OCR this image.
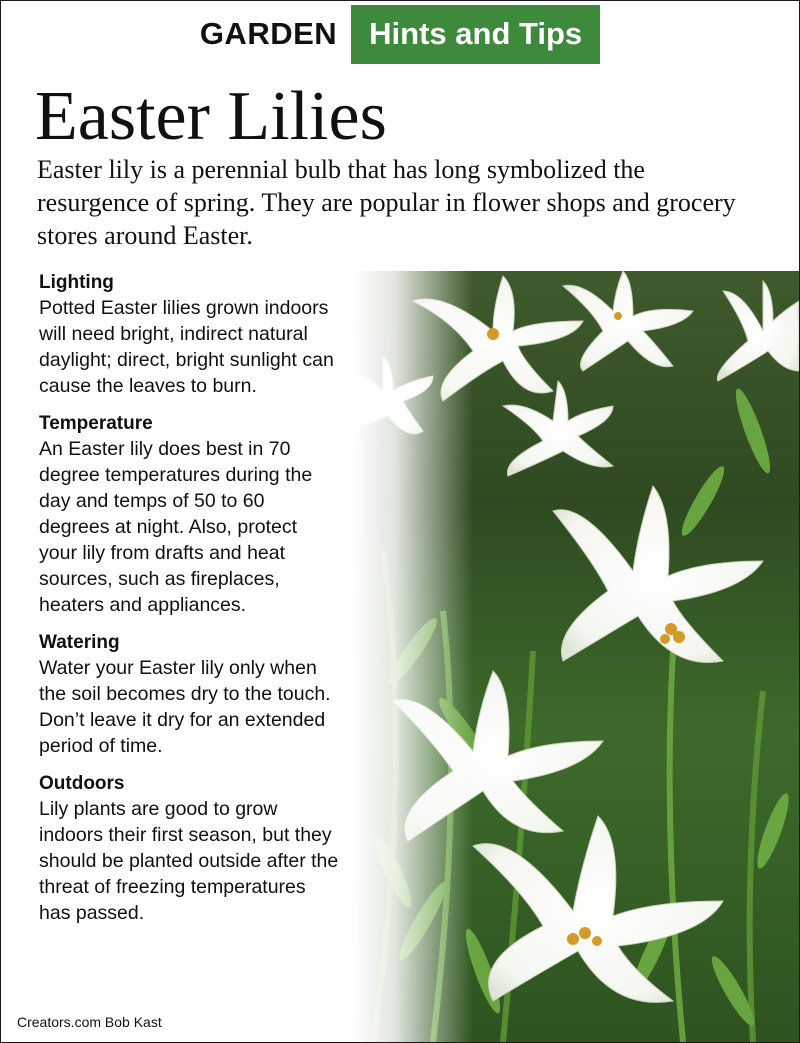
GARDEN	Hints and Tips
Easter Lilies

Easter lily is a perennial bulb that has long symbolized the resurgence of spring. They are popular in flower shops and grocery stores around Easter.

Lighting

Potted Easter lilies grown indoors will need bright, indirect natural daylight; direct, bright sunlight can cause the leaves to burn.

Temperature

An Easter lily does best in 70 degree temperatures during the day and temps of 50 to 60 degrees at night. Also, protect your lily from drafts and heat sources, such as fireplaces, heaters and appliances.

Watering

Water your Easter lily only when the soil becomes dry to the touch. Don’t leave it dry for an extended period of time.

Outdoors

Lily plants are good to grow indoors their first season, but they should be planted outside after the threat of freezing temperatures has passed.

Creators.com Bob Kast
